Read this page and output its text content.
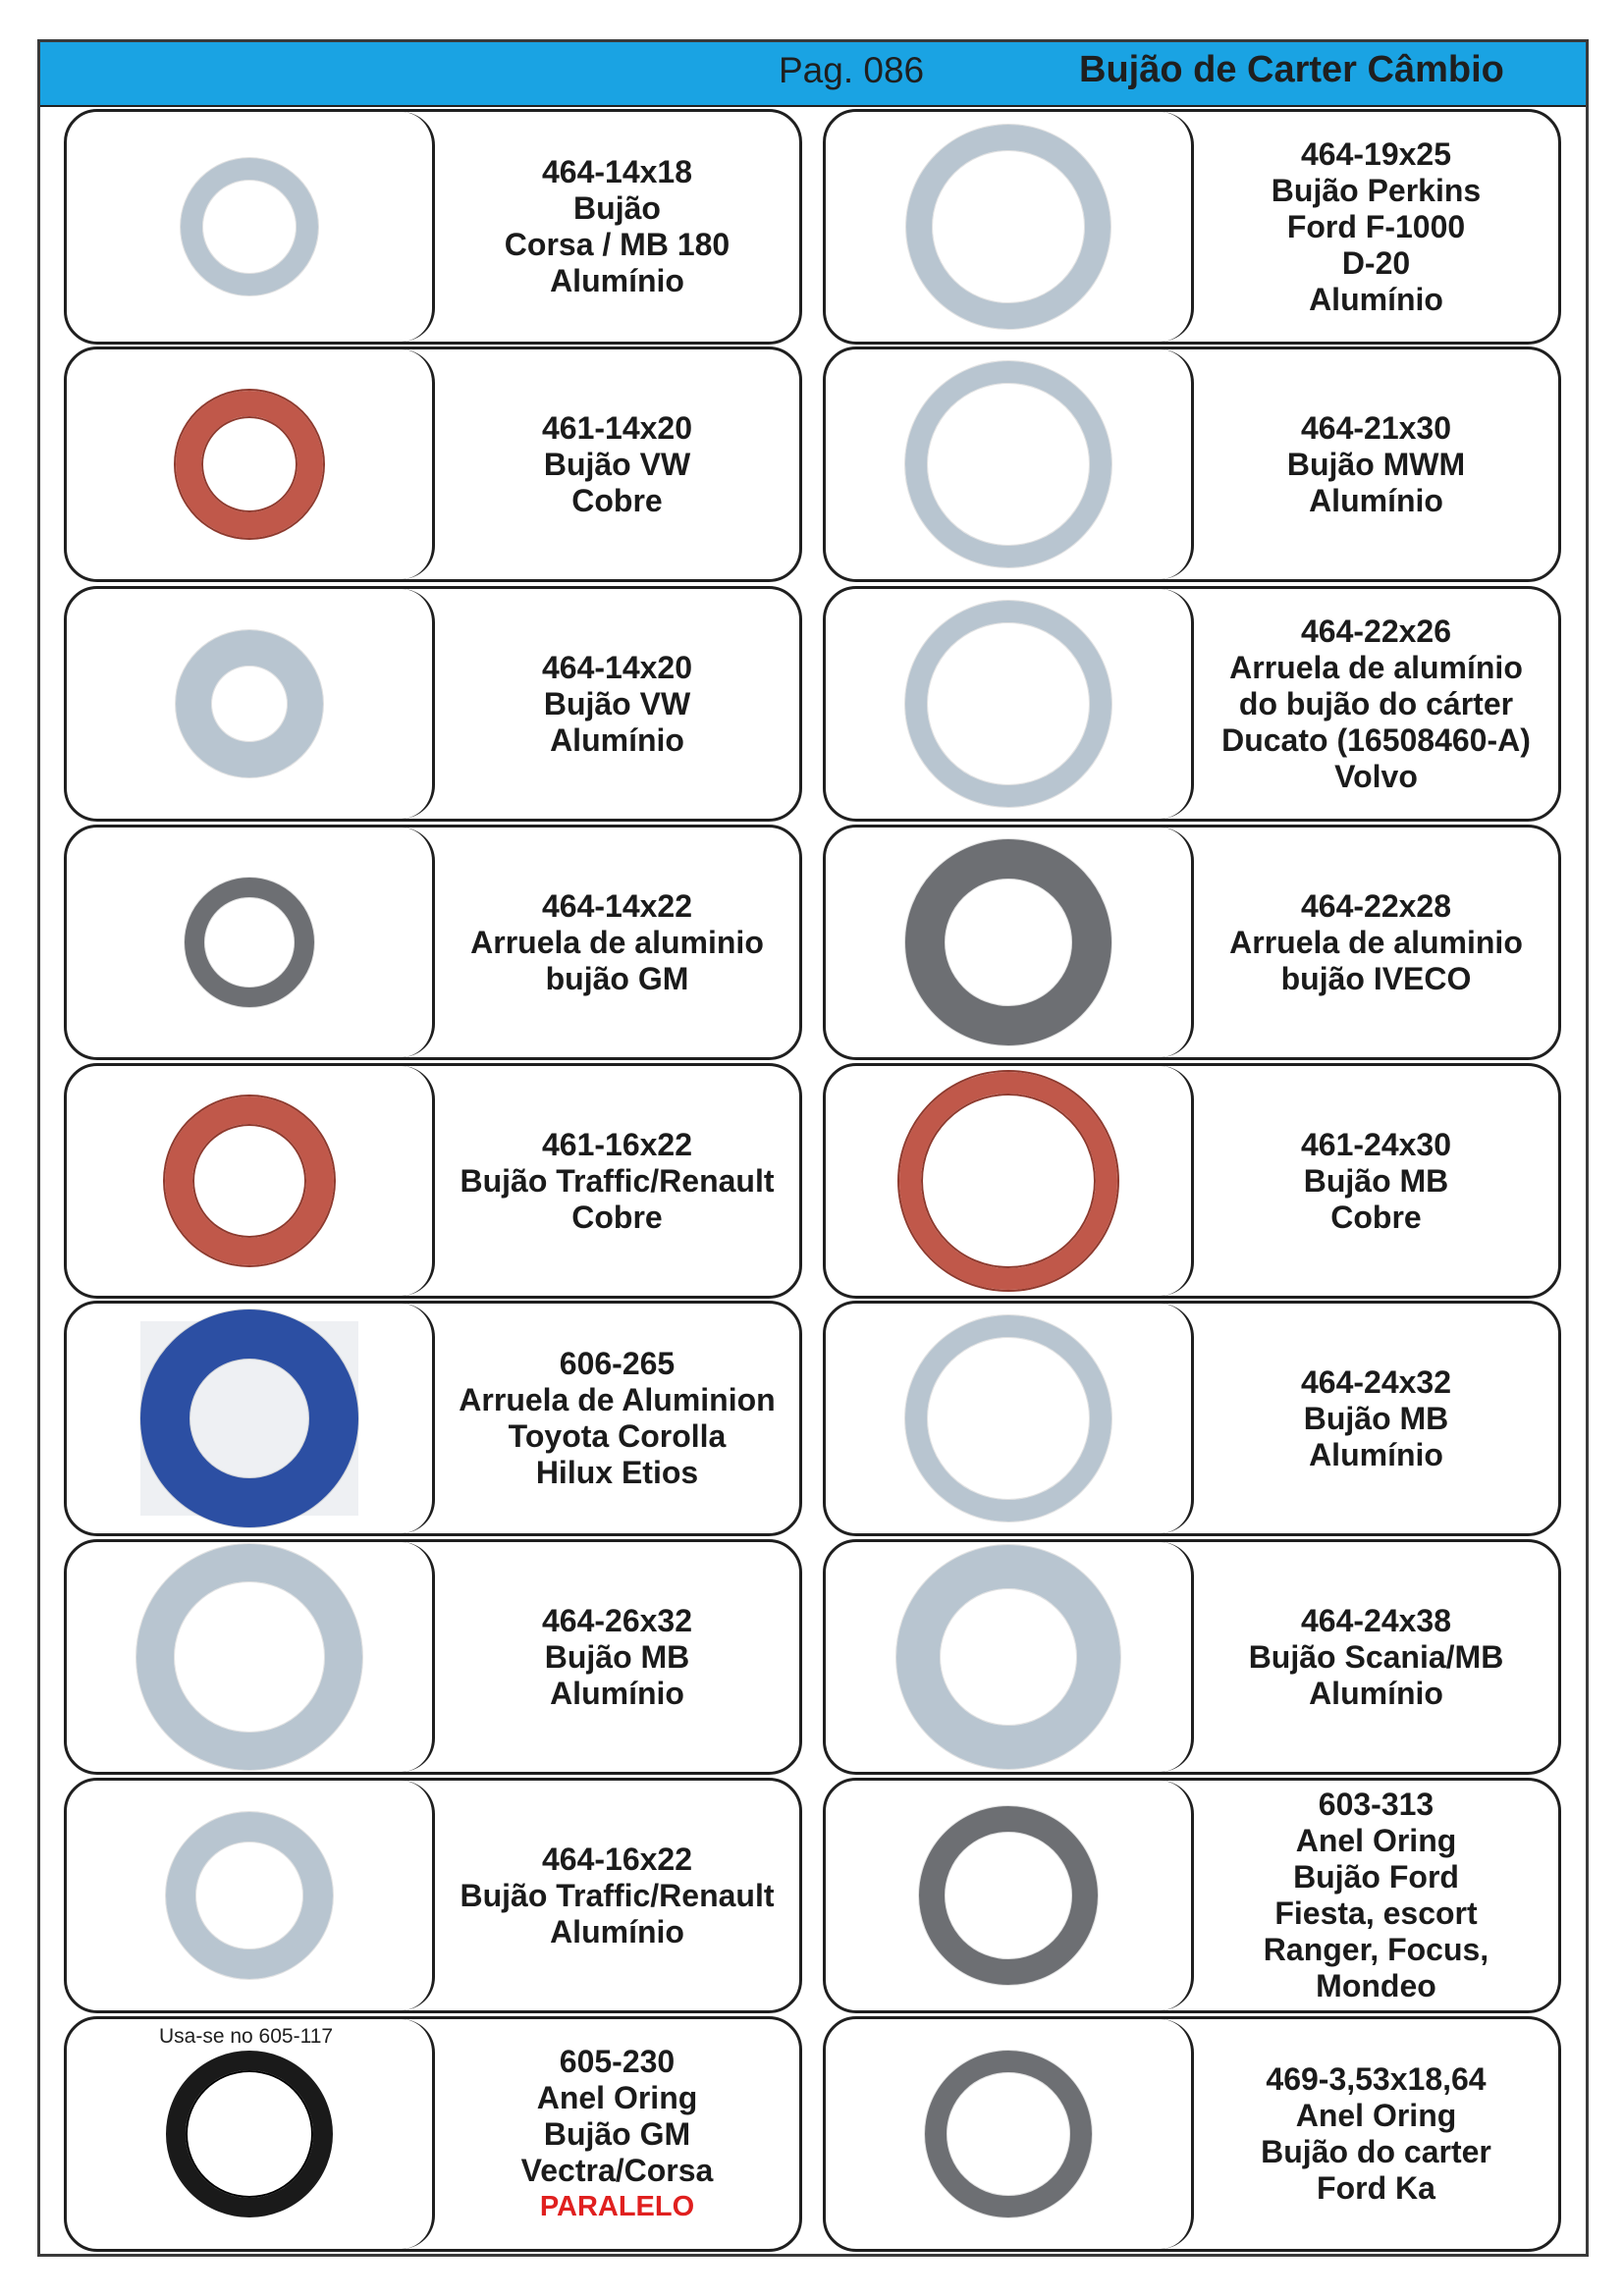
Pag. 086	Bujão de Carter Câmbio
464-14x18
Bujão
Corsa / MB 180
Alumínio
461-14x20
Bujão VW
Cobre
464-14x20
Bujão VW
Alumínio
464-14x22
Arruela de aluminio
bujão GM
461-16x22
Bujão Traffic/Renault
Cobre
606-265
Arruela de Aluminion
Toyota Corolla
Hilux Etios
464-26x32
Bujão MB
Alumínio
464-16x22
Bujão Traffic/Renault
Alumínio
605-230
Anel Oring
Bujão GM
Vectra/Corsa
PARALELO
464-19x25
Bujão Perkins
Ford F-1000
D-20
Alumínio
464-21x30
Bujão MWM
Alumínio
464-22x26
Arruela de alumínio
do bujão do cárter
Ducato (16508460-A)
Volvo
464-22x28
Arruela de aluminio
bujão IVECO
461-24x30
Bujão MB
Cobre
464-24x32
Bujão MB
Alumínio
464-24x38
Bujão Scania/MB
Alumínio
603-313
Anel Oring
Bujão Ford
Fiesta, escort
Ranger, Focus,
Mondeo
469-3,53x18,64
Anel Oring
Bujão do carter
Ford Ka
Usa-se no 605-117
